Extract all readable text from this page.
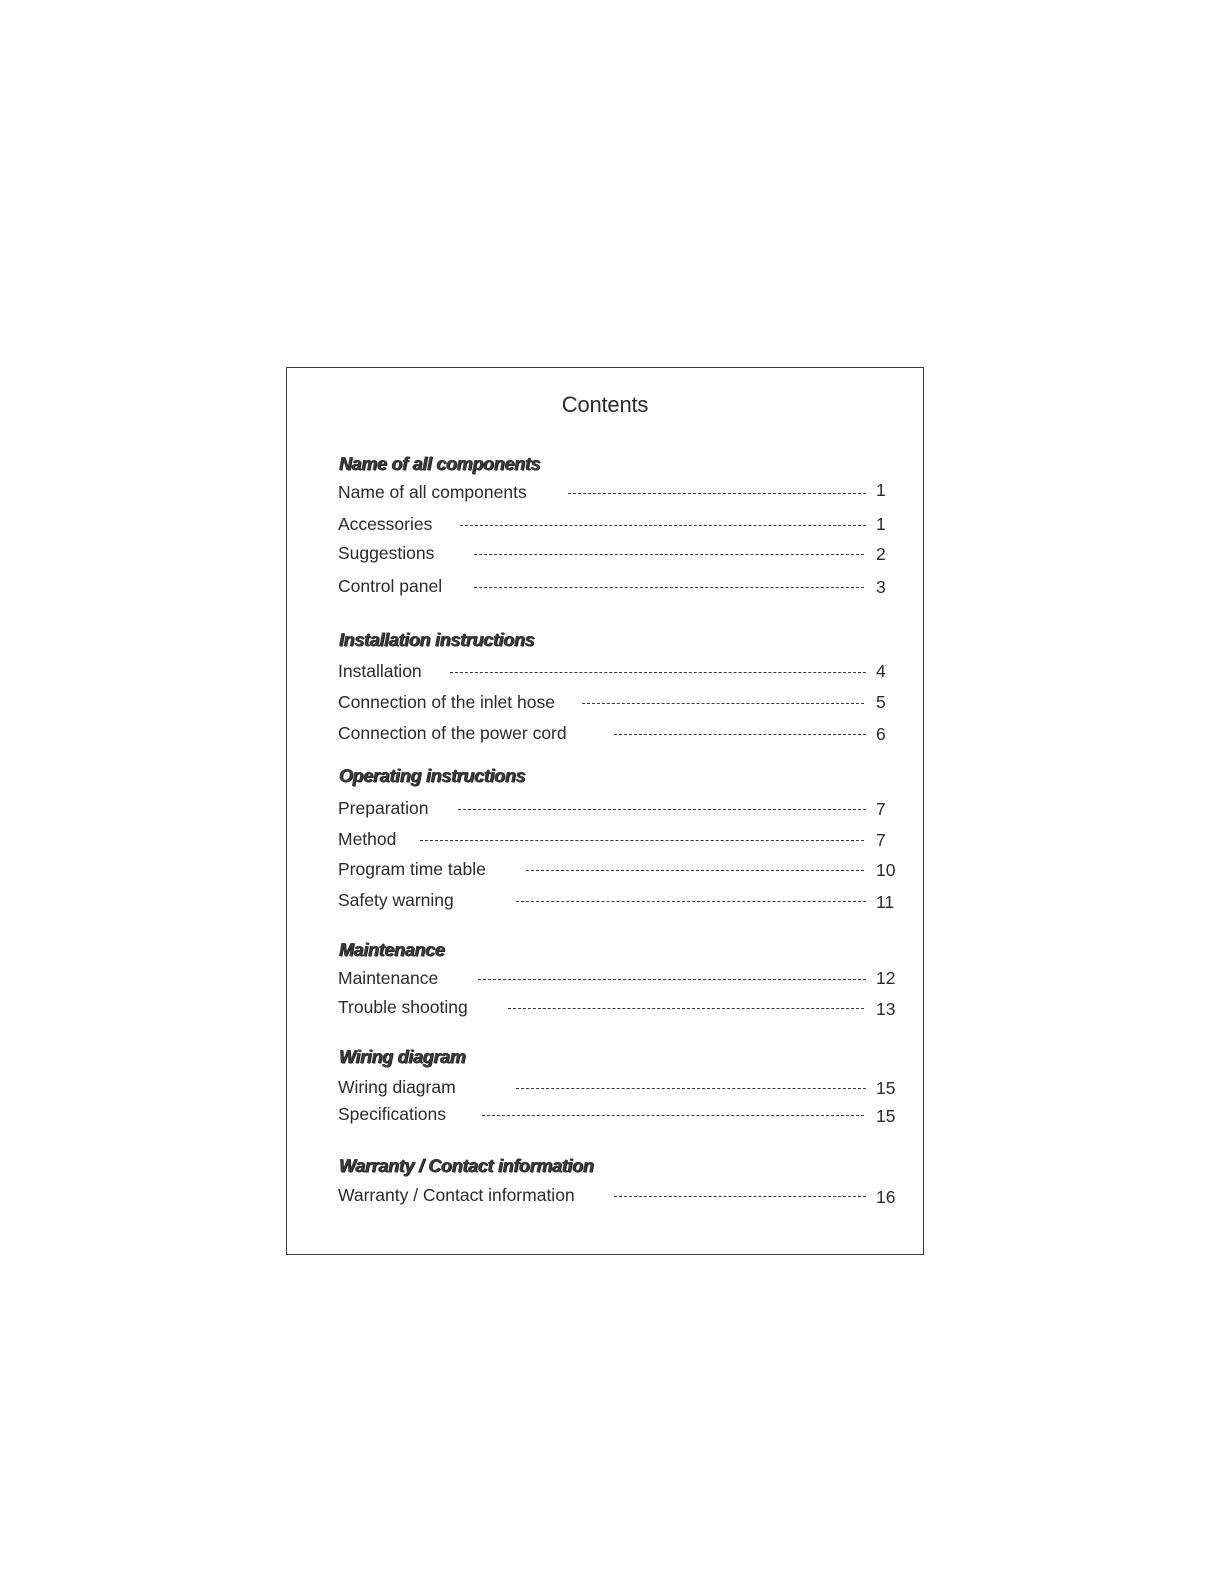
Contents
Name of all components
Name of all components	1
Accessories	1
Suggestions	2
Control panel	3
Installation instructions
Installation	4
Connection of the inlet hose	5
Connection of the power cord	6
Operating instructions
Preparation	7
Method	7
Program time table	10
Safety warning	11
Maintenance
Maintenance	12
Trouble shooting	13
Wiring diagram
Wiring diagram	15
Specifications	15
Warranty / Contact information
Warranty / Contact information	16
